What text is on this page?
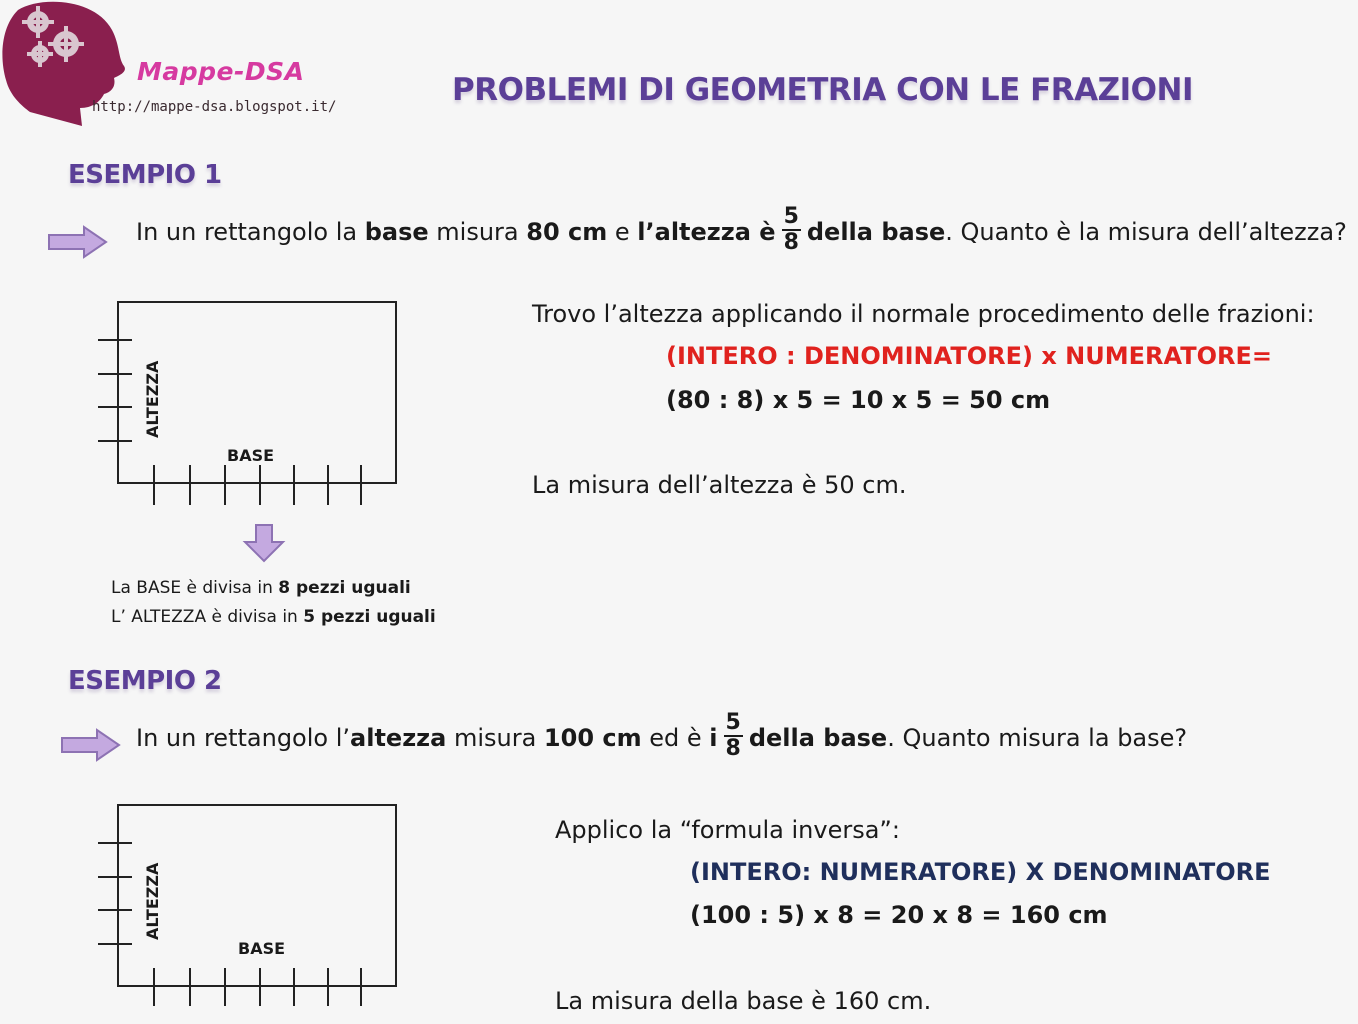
Mappe-DSA
http://mappe-dsa.blogspot.it/	PROBLEMI DI GEOMETRIA CON LE FRAZIONI
ESEMPIO 1
In un rettangolo la base misura 80 cm e l’altezza è $\frac{5}{8}$ della base. Quanto è la misura dell’altezza?
ALTEZZA
BASE
La BASE è divisa in 8 pezzi uguali
L’ ALTEZZA è divisa in 5 pezzi uguali
Trovo l’altezza applicando il normale procedimento delle frazioni:
(INTERO : DENOMINATORE) x NUMERATORE=
(80 : 8) x 5 = 10 x 5 = 50 cm
La misura dell’altezza è 50 cm.
ESEMPIO 2
In un rettangolo l’altezza misura 100 cm ed è i $\frac{5}{8}$ della base. Quanto misura la base?
ALTEZZA
BASE
Applico la “formula inversa”:
(INTERO: NUMERATORE) X DENOMINATORE
(100 : 5) x 8 = 20 x 8 = 160 cm
La misura della base è 160 cm.
